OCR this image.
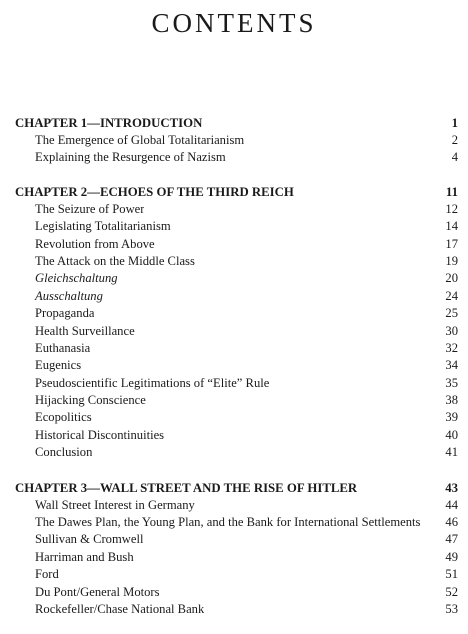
CONTENTS
CHAPTER 1—INTRODUCTION	1
The Emergence of Global Totalitarianism	2
Explaining the Resurgence of Nazism	4
CHAPTER 2—ECHOES OF THE THIRD REICH	11
The Seizure of Power	12
Legislating Totalitarianism	14
Revolution from Above	17
The Attack on the Middle Class	19
Gleichschaltung	20
Ausschaltung	24
Propaganda	25
Health Surveillance	30
Euthanasia	32
Eugenics	34
Pseudoscientific Legitimations of “Elite” Rule	35
Hijacking Conscience	38
Ecopolitics	39
Historical Discontinuities	40
Conclusion	41
CHAPTER 3—WALL STREET AND THE RISE OF HITLER	43
Wall Street Interest in Germany	44
The Dawes Plan, the Young Plan, and the Bank for International Settlements 46
Sullivan & Cromwell	47
Harriman and Bush	49
Ford	51
Du Pont/General Motors	52
Rockefeller/Chase National Bank	53
